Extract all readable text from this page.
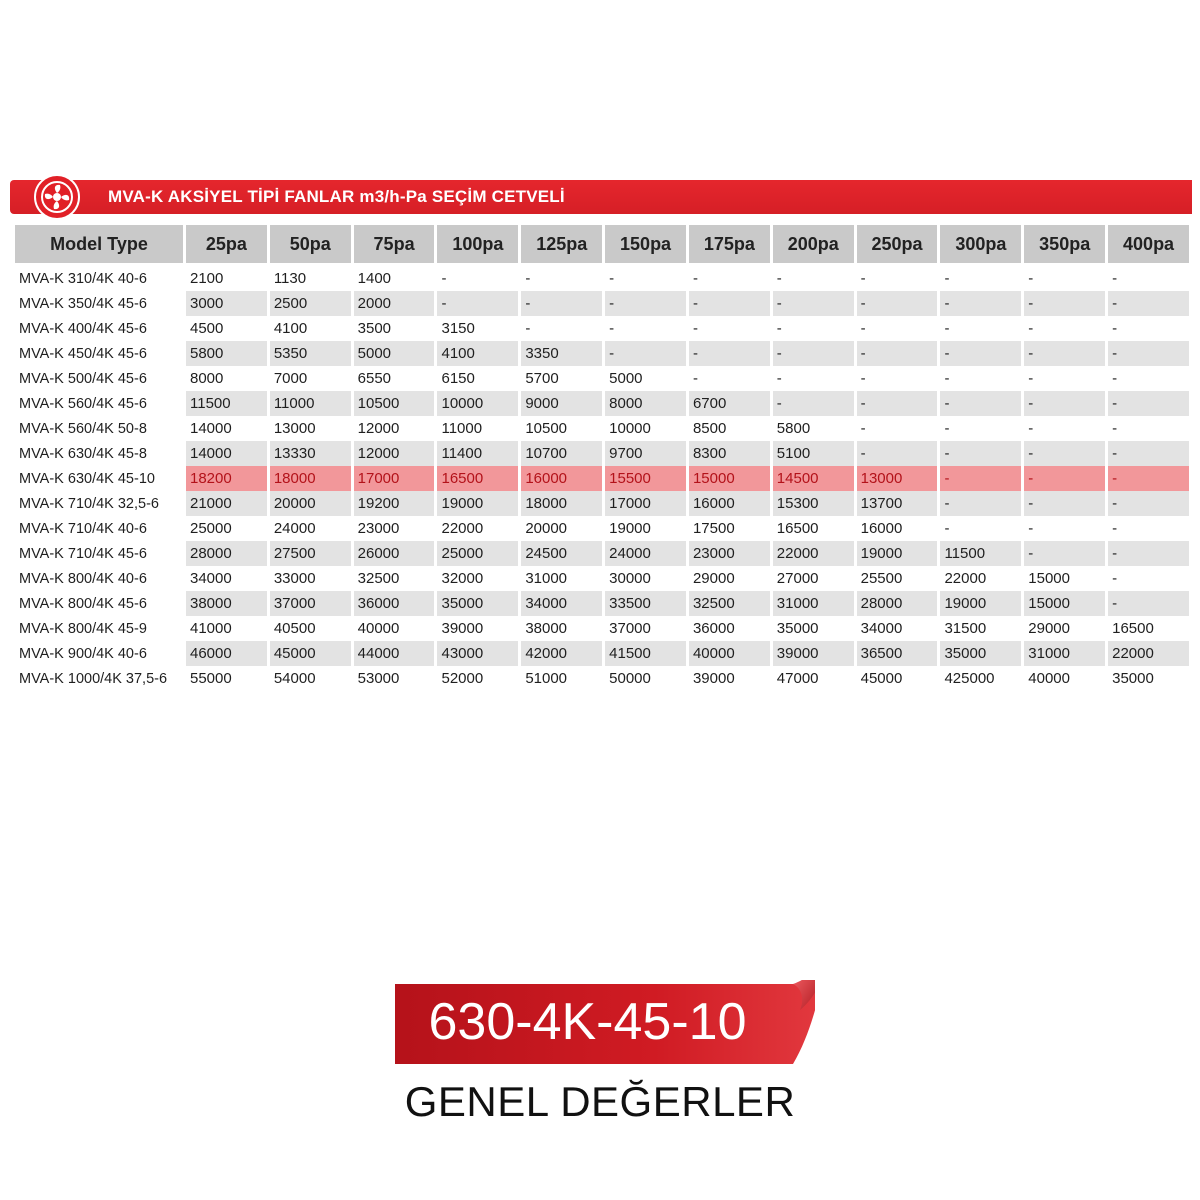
MVA-K AKSİYEL TİPİ FANLAR m3/h-Pa SEÇİM CETVELİ
Model Type	25pa	50pa	75pa	100pa	125pa	150pa	175pa	200pa	250pa	300pa	350pa	400pa
MVA-K 310/4K 40-6	2100	1130	1400	-	-	-	-	-	-	-	-	-
MVA-K 350/4K 45-6	3000	2500	2000	-	-	-	-	-	-	-	-	-
MVA-K 400/4K 45-6	4500	4100	3500	3150	-	-	-	-	-	-	-	-
MVA-K 450/4K 45-6	5800	5350	5000	4100	3350	-	-	-	-	-	-	-
MVA-K 500/4K 45-6	8000	7000	6550	6150	5700	5000	-	-	-	-	-	-
MVA-K 560/4K 45-6	11500	11000	10500	10000	9000	8000	6700	-	-	-	-	-
MVA-K 560/4K 50-8	14000	13000	12000	11000	10500	10000	8500	5800	-	-	-	-
MVA-K 630/4K 45-8	14000	13330	12000	11400	10700	9700	8300	5100	-	-	-	-
MVA-K 630/4K 45-10	18200	18000	17000	16500	16000	15500	15000	14500	13000	-	-	-
MVA-K 710/4K 32,5-6	21000	20000	19200	19000	18000	17000	16000	15300	13700	-	-	-
MVA-K 710/4K 40-6	25000	24000	23000	22000	20000	19000	17500	16500	16000	-	-	-
MVA-K 710/4K 45-6	28000	27500	26000	25000	24500	24000	23000	22000	19000	11500	-	-
MVA-K 800/4K 40-6	34000	33000	32500	32000	31000	30000	29000	27000	25500	22000	15000	-
MVA-K 800/4K 45-6	38000	37000	36000	35000	34000	33500	32500	31000	28000	19000	15000	-
MVA-K 800/4K 45-9	41000	40500	40000	39000	38000	37000	36000	35000	34000	31500	29000	16500
MVA-K 900/4K 40-6	46000	45000	44000	43000	42000	41500	40000	39000	36500	35000	31000	22000
MVA-K 1000/4K 37,5-6	55000	54000	53000	52000	51000	50000	39000	47000	45000	425000	40000	35000
630-4K-45-10
GENEL DEĞERLER
